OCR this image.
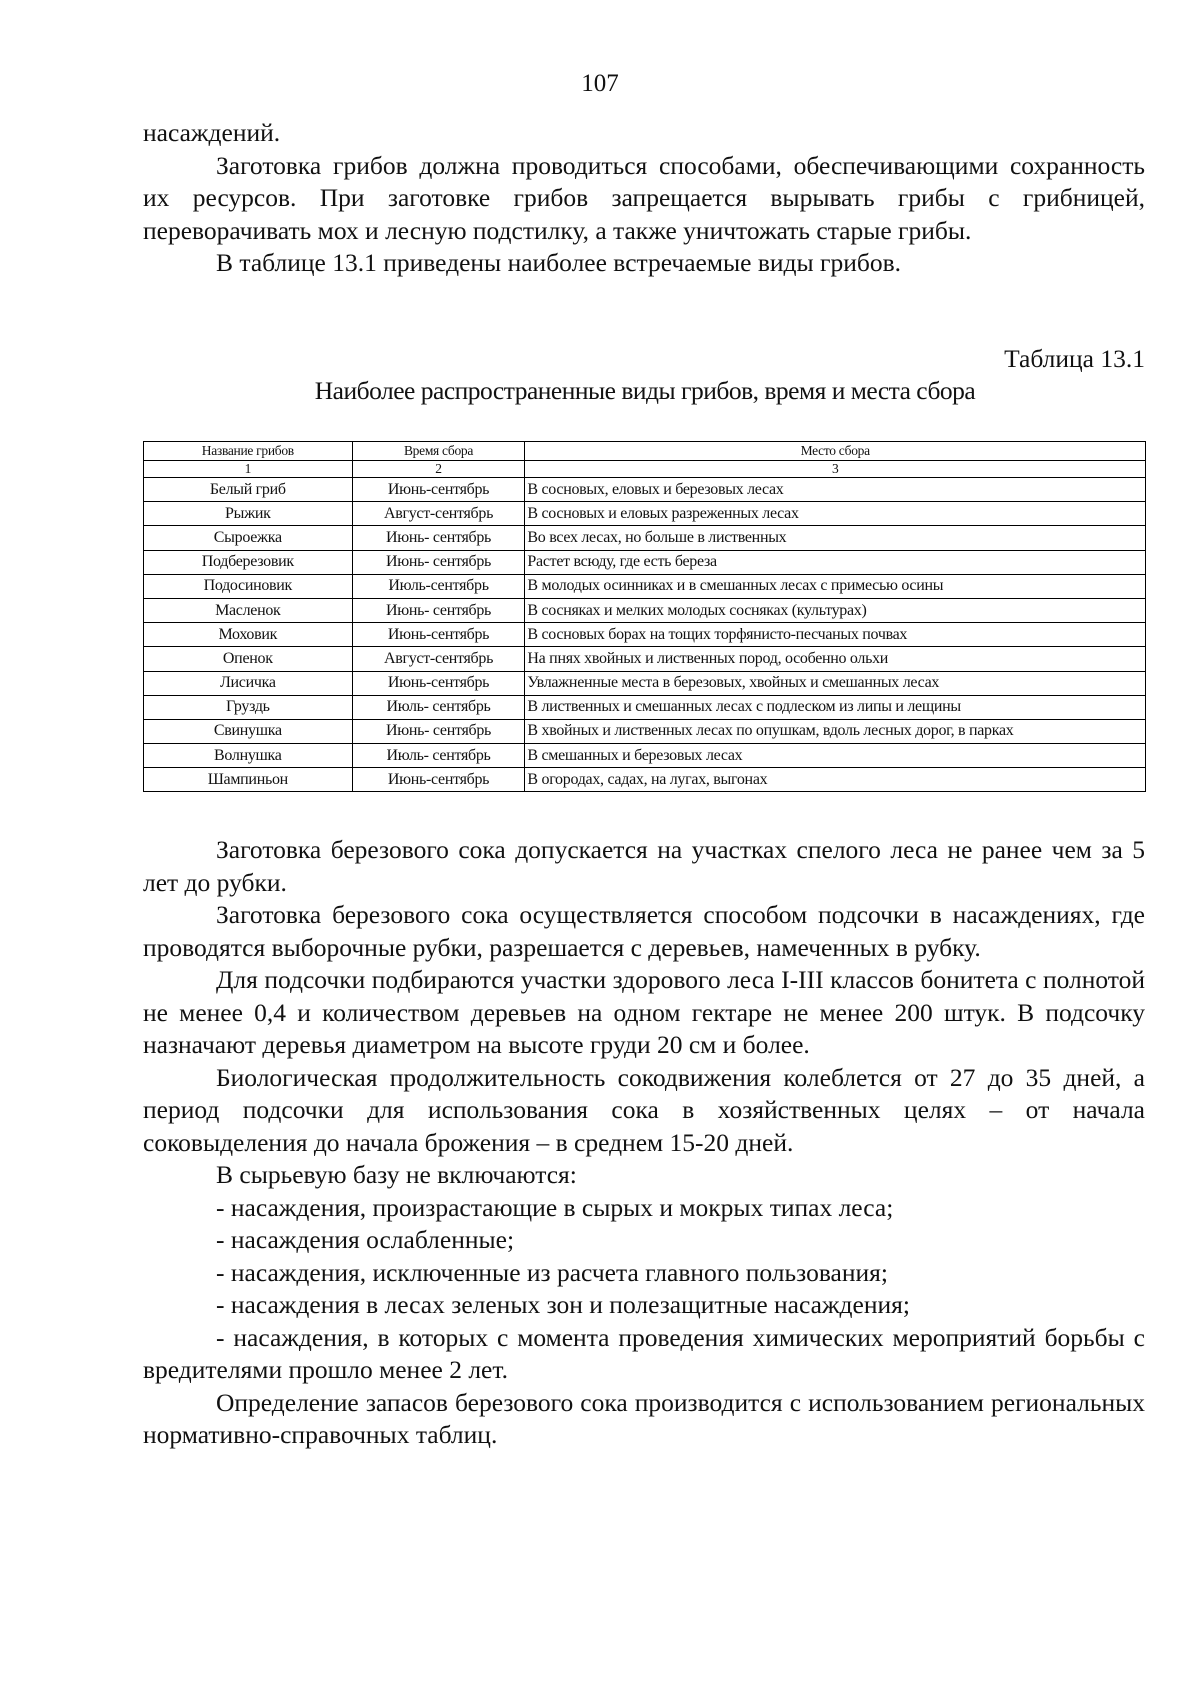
107

насаждений.

Заготовка грибов должна проводиться способами, обеспечивающими сохранность их ресурсов. При заготовке грибов запрещается вырывать грибы с грибницей, переворачивать мох и лесную подстилку, а также уничтожать старые грибы.

В таблице 13.1 приведены наиболее встречаемые виды грибов.

Таблица 13.1
Наиболее распространенные виды грибов, время и места сбора
Название грибов	Время сбора	Место сбора
1	2	3
Белый гриб	Июнь-сентябрь	В сосновых, еловых и березовых лесах
Рыжик	Август-сентябрь	В сосновых и еловых разреженных лесах
Сыроежка	Июнь- сентябрь	Во всех лесах, но больше в лиственных
Подберезовик	Июнь- сентябрь	Растет всюду, где есть береза
Подосиновик	Июль-сентябрь	В молодых осинниках и в смешанных лесах с примесью осины
Масленок	Июнь- сентябрь	В сосняках и мелких молодых сосняках (культурах)
Моховик	Июнь-сентябрь	В сосновых борах на тощих торфянисто-песчаных почвах
Опенок	Август-сентябрь	На пнях хвойных и лиственных пород, особенно ольхи
Лисичка	Июнь-сентябрь	Увлажненные места в березовых, хвойных и смешанных лесах
Груздь	Июль- сентябрь	В лиственных и смешанных лесах с подлеском из липы и лещины
Свинушка	Июнь- сентябрь	В хвойных и лиственных лесах по опушкам, вдоль лесных дорог, в парках
Волнушка	Июль- сентябрь	В смешанных и березовых лесах
Шампиньон	Июнь-сентябрь	В огородах, садах, на лугах, выгонах

Заготовка березового сока допускается на участках спелого леса не ранее чем за 5 лет до рубки.

Заготовка березового сока осуществляется способом подсочки в насаждениях, где проводятся выборочные рубки, разрешается с деревьев, намеченных в рубку.

Для подсочки подбираются участки здорового леса I-III классов бонитета с полнотой не менее 0,4 и количеством деревьев на одном гектаре не менее 200 штук. В подсочку назначают деревья диаметром на высоте груди 20 см и более.

Биологическая продолжительность сокодвижения колеблется от 27 до 35 дней, а период подсочки для использования сока в хозяйственных целях – от начала соковыделения до начала брожения – в среднем 15-20 дней.

В сырьевую базу не включаются:

- насаждения, произрастающие в сырых и мокрых типах леса;

- насаждения ослабленные;

- насаждения, исключенные из расчета главного пользования;

- насаждения в лесах зеленых зон и полезащитные насаждения;

- насаждения, в которых с момента проведения химических мероприятий борьбы с вредителями прошло менее 2 лет.

Определение запасов березового сока производится с использованием региональных нормативно-справочных таблиц.
